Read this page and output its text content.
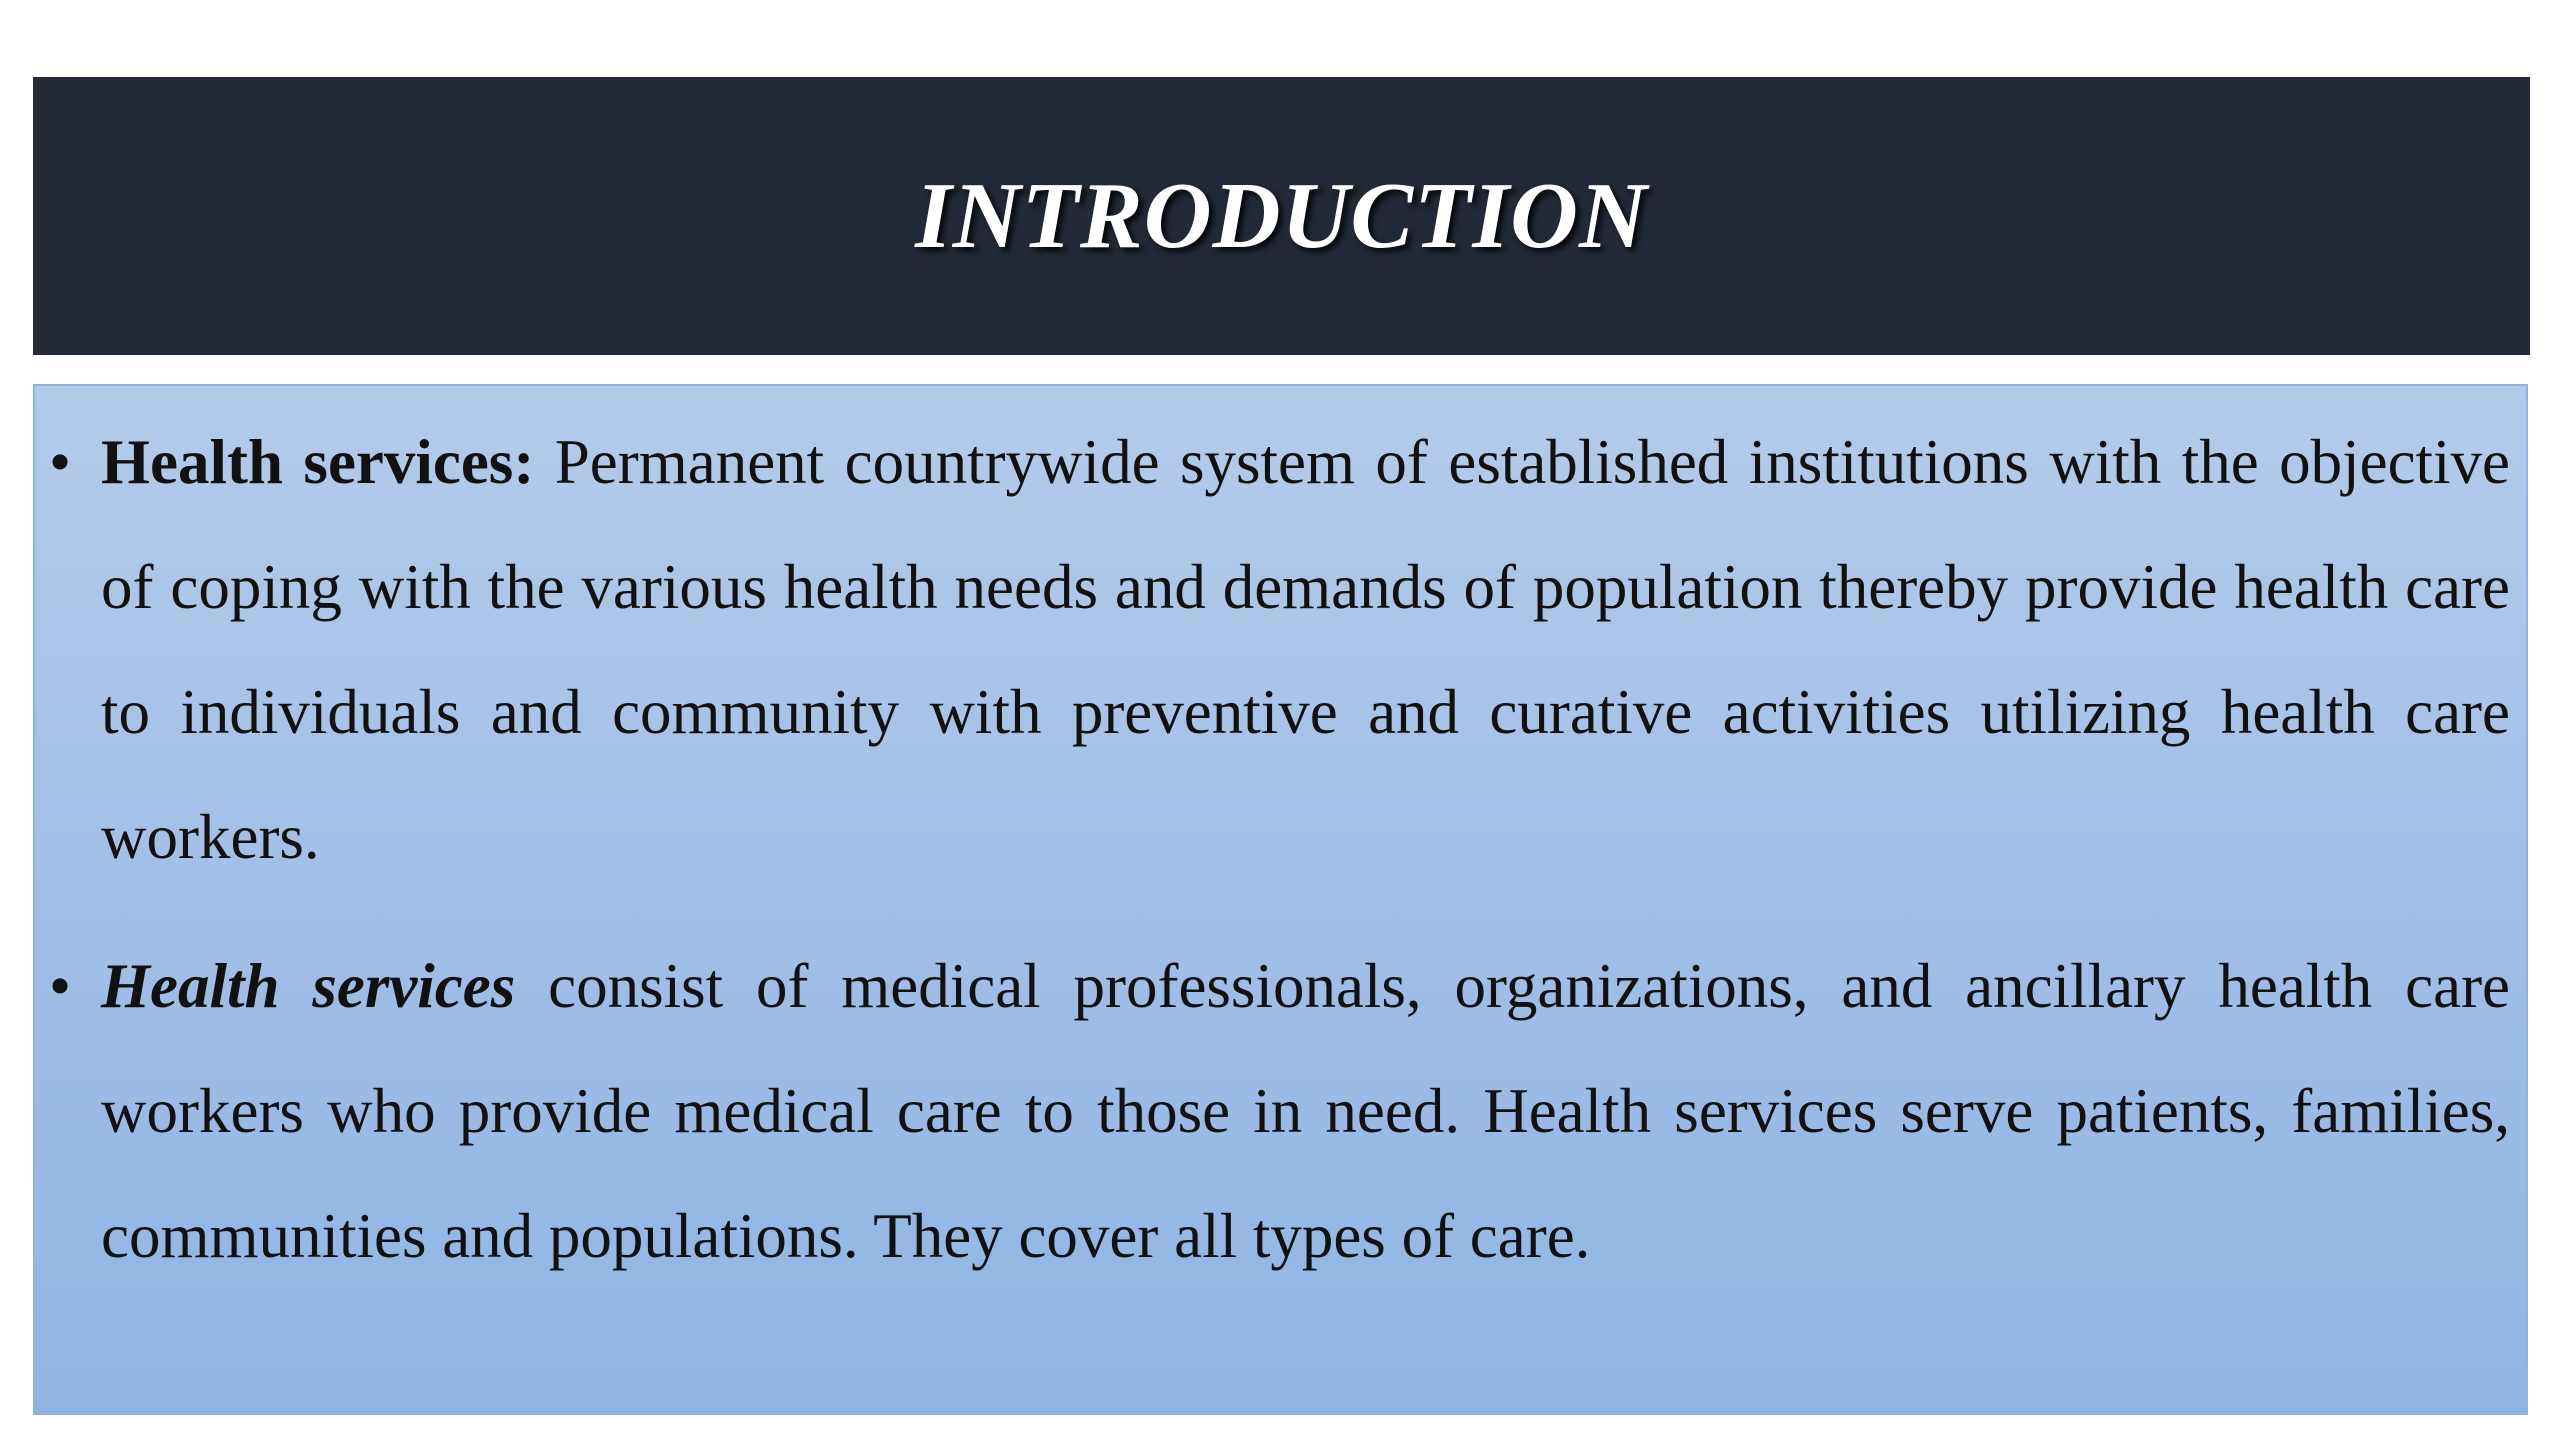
INTRODUCTION
• Health services: Permanent countrywide system of established institutions with the objective of coping with the various health needs and demands of population thereby provide health care to individuals and community with preventive and curative activities utilizing health care workers.
• Health services consist of medical professionals, organizations, and ancillary health care workers who provide medical care to those in need. Health services serve patients, families, communities and populations. They cover all types of care.
